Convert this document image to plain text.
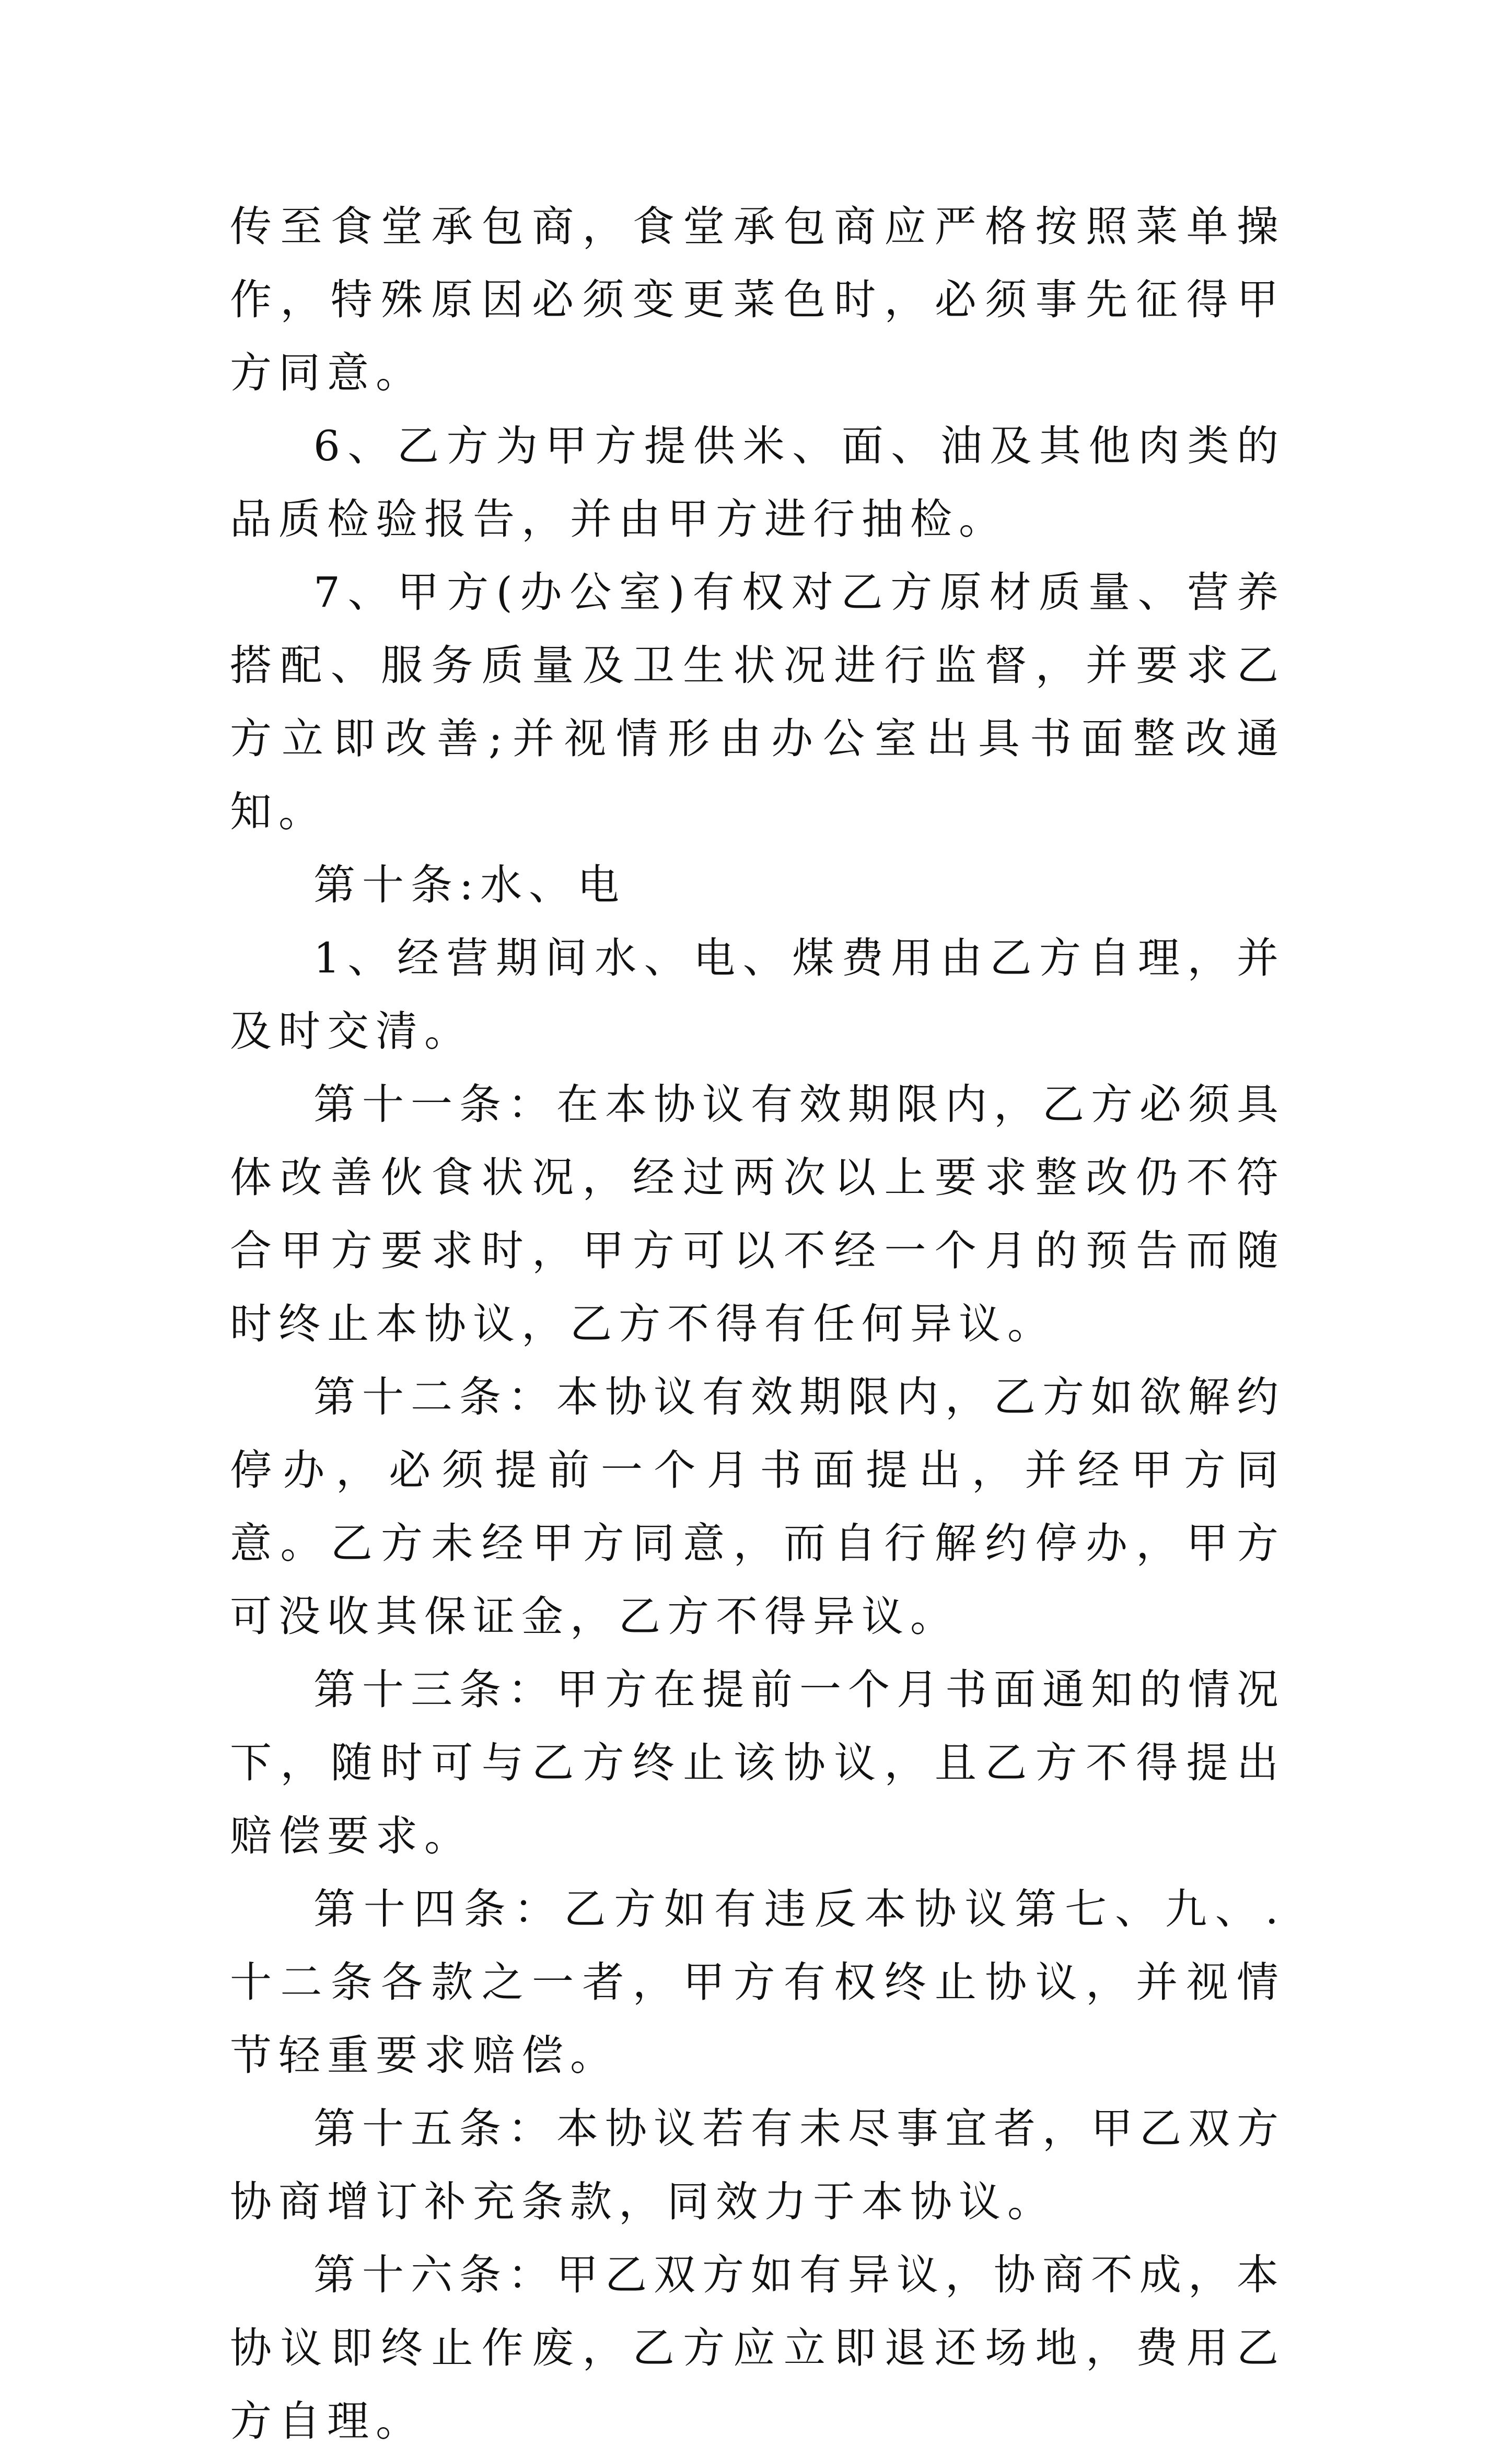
传至食堂承包商，食堂承包商应严格按照菜单操作，特殊原因必须变更菜色时，必须事先征得甲方同意。

6、乙方为甲方提供米、面、油及其他肉类的品质检验报告，并由甲方进行抽检。

7、甲方(办公室)有权对乙方原材质量、营养搭配、服务质量及卫生状况进行监督，并要求乙方立即改善;并视情形由办公室出具书面整改通知。

第十条:水、电

1、经营期间水、电、煤费用由乙方自理，并及时交清。

第十一条：在本协议有效期限内，乙方必须具体改善伙食状况，经过两次以上要求整改仍不符合甲方要求时，甲方可以不经一个月的预告而随时终止本协议，乙方不得有任何异议。

第十二条：本协议有效期限内，乙方如欲解约停办，必须提前一个月书面提出，并经甲方同意。乙方未经甲方同意，而自行解约停办，甲方可没收其保证金，乙方不得异议。

第十三条：甲方在提前一个月书面通知的情况下，随时可与乙方终止该协议，且乙方不得提出赔偿要求。

第十四条：乙方如有违反本协议第七、九、.十二条各款之一者，甲方有权终止协议，并视情节轻重要求赔偿。

第十五条：本协议若有未尽事宜者，甲乙双方协商增订补充条款，同效力于本协议。

第十六条：甲乙双方如有异议，协商不成，本协议即终止作废，乙方应立即退还场地，费用乙方自理。
